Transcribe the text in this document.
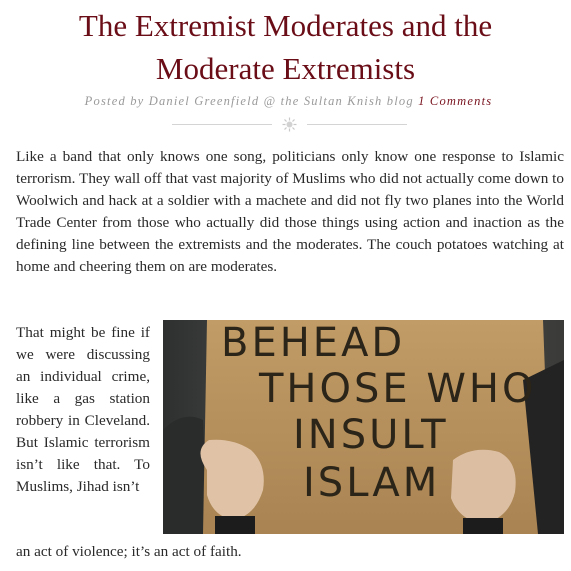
The Extremist Moderates and the Moderate Extremists
Posted by Daniel Greenfield @ the Sultan Knish blog 1 Comments

Like a band that only knows one song, politicians only know one response to Islamic terrorism. They wall off that vast majority of Muslims who did not actually come down to Woolwich and hack at a soldier with a machete and did not fly two planes into the World Trade Center from those who actually did those things using action and inaction as the defining line between the extremists and the moderates. The couch potatoes watching at home and cheering them on are moderates.

That might be fine if we were discussing an individual crime, like a gas station robbery in Cleveland. But Islamic terrorism isn’t like that. To Muslims, Jihad isn’t

BEHEAD
THOSE WHO
INSULT
ISLAM

an act of violence; it’s an act of faith.
